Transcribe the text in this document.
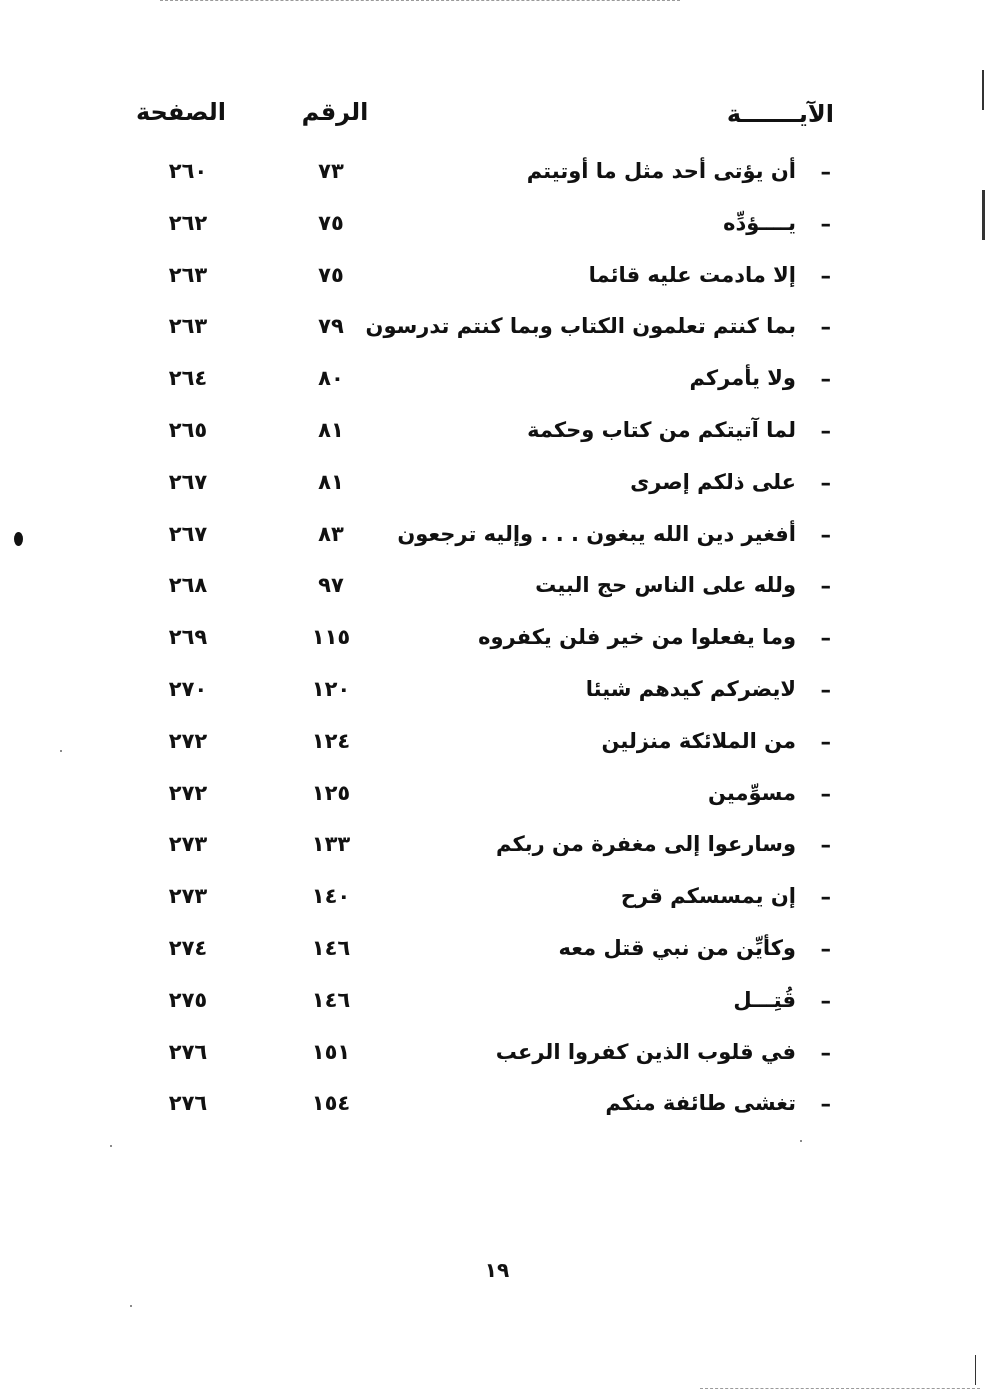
الآيـــــــة
الرقم
الصفحة
–
أن يؤتى أحد مثل ما أوتيتم
٧٣
٢٦٠
–
يــــؤدِّه
٧٥
٢٦٢
–
إلا مادمت عليه قائما
٧٥
٢٦٣
–
بما كنتم تعلمون الكتاب وبما كنتم تدرسون
٧٩
٢٦٣
–
ولا يأمركم
٨٠
٢٦٤
–
لما آتيتكم من كتاب وحكمة
٨١
٢٦٥
–
على ذلكم إصرى
٨١
٢٦٧
–
أفغير دين الله يبغون . . . وإليه ترجعون
٨٣
٢٦٧
–
ولله على الناس حج البيت
٩٧
٢٦٨
–
وما يفعلوا من خير فلن يكفروه
١١٥
٢٦٩
–
لايضركم كيدهم شيئا
١٢٠
٢٧٠
–
من الملائكة منزلين
١٢٤
٢٧٢
–
مسوِّمين
١٢٥
٢٧٢
–
وسارعوا إلى مغفرة من ربكم
١٣٣
٢٧٣
–
إن يمسسكم قرح
١٤٠
٢٧٣
–
وكأيِّن من نبي قتل معه
١٤٦
٢٧٤
–
قُتِـــل
١٤٦
٢٧٥
–
في قلوب الذين كفروا الرعب
١٥١
٢٧٦
–
تغشى طائفة منكم
١٥٤
٢٧٦
١٩
